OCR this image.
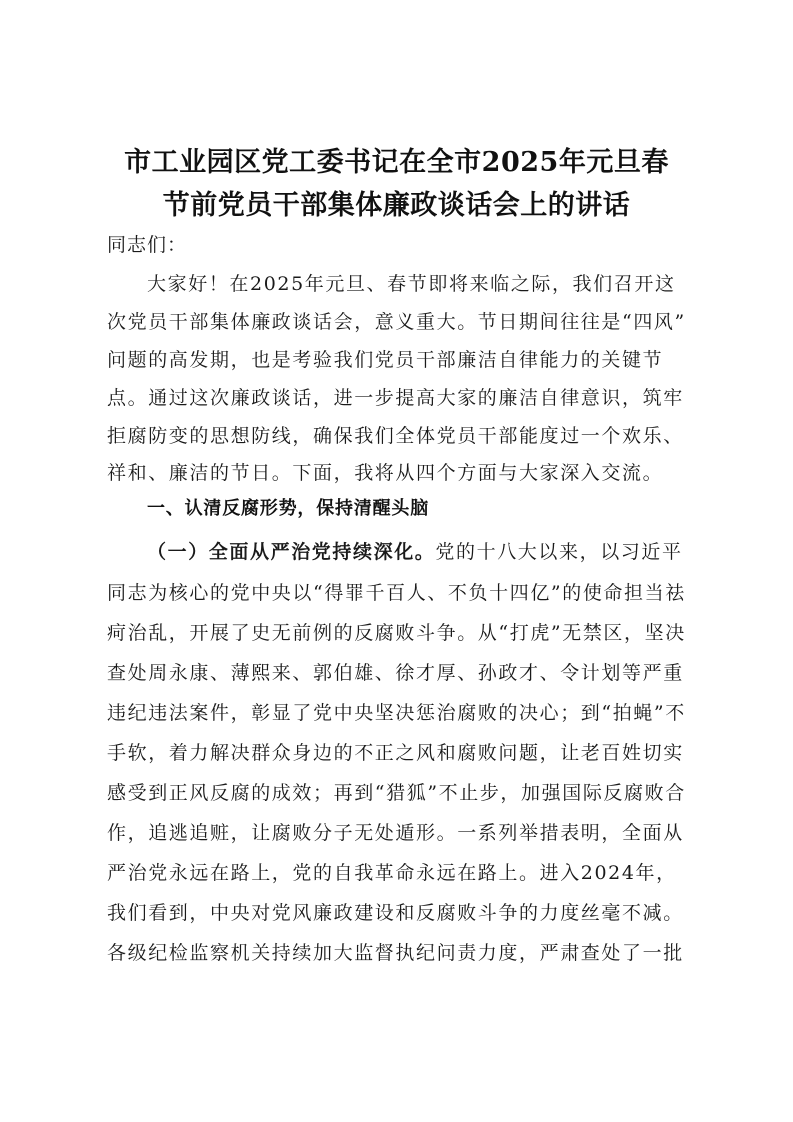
市工业园区党工委书记在全市2025年元旦春
节前党员干部集体廉政谈话会上的讲话
同志们：
大家好！在2025年元旦、春节即将来临之际，我们召开这
次党员干部集体廉政谈话会，意义重大。节日期间往往是“四风”
问题的高发期，也是考验我们党员干部廉洁自律能力的关键节
点。通过这次廉政谈话，进一步提高大家的廉洁自律意识，筑牢
拒腐防变的思想防线，确保我们全体党员干部能度过一个欢乐、
祥和、廉洁的节日。下面，我将从四个方面与大家深入交流。
一、认清反腐形势，保持清醒头脑
（一）全面从严治党持续深化。党的十八大以来，以习近平
同志为核心的党中央以“得罪千百人、不负十四亿”的使命担当祛
疴治乱，开展了史无前例的反腐败斗争。从“打虎”无禁区，坚决
查处周永康、薄熙来、郭伯雄、徐才厚、孙政才、令计划等严重
违纪违法案件，彰显了党中央坚决惩治腐败的决心；到“拍蝇”不
手软，着力解决群众身边的不正之风和腐败问题，让老百姓切实
感受到正风反腐的成效；再到“猎狐”不止步，加强国际反腐败合
作，追逃追赃，让腐败分子无处遁形。一系列举措表明，全面从
严治党永远在路上，党的自我革命永远在路上。进入2024年，
我们看到，中央对党风廉政建设和反腐败斗争的力度丝毫不减。
各级纪检监察机关持续加大监督执纪问责力度，严肃查处了一批
